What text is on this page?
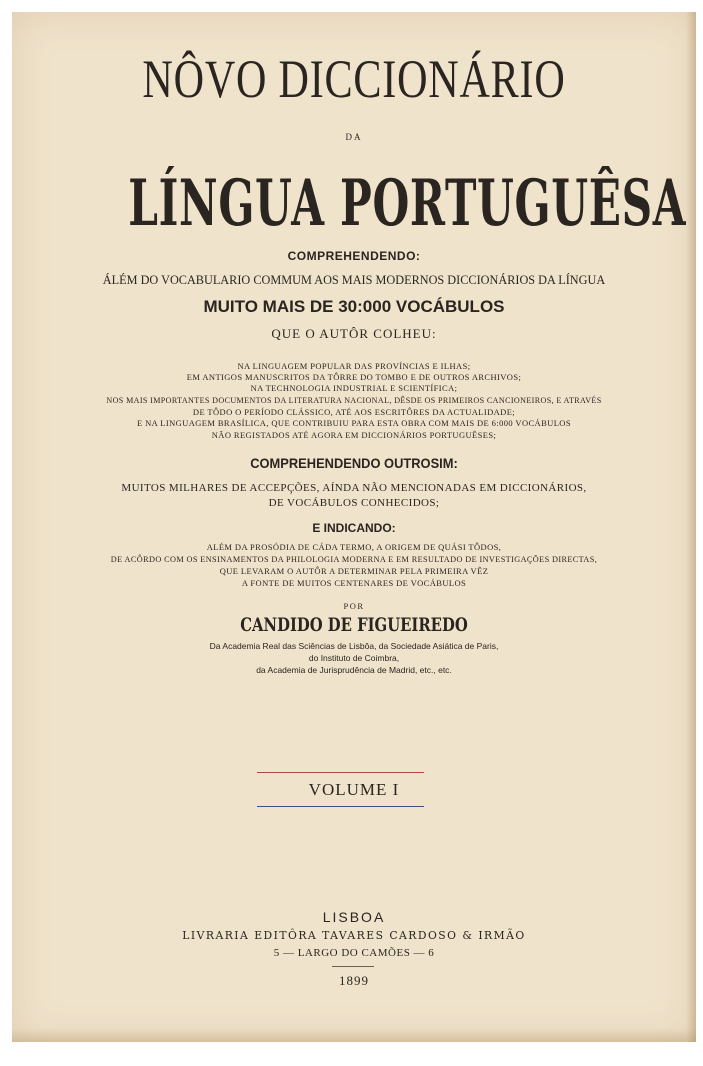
NÔVO DICCIONÁRIO
DA
LÍNGUA PORTUGUÊSA
COMPREHENDENDO:
ÁLÉM DO VOCABULARIO COMMUM AOS MAIS MODERNOS DICCIONÁRIOS DA LÍNGUA
MUITO MAIS DE 30:000 VOCÁBULOS
QUE O AUTÔR COLHEU:
NA LINGUAGEM POPULAR DAS PROVÍNCIAS E ILHAS;
EM ANTIGOS MANUSCRITOS DA TÔRRE DO TOMBO E DE OUTROS ARCHIVOS;
NA TECHNOLOGIA INDUSTRIAL E SCIENTÍFICA;
NOS MAIS IMPORTANTES DOCUMENTOS DA LITERATURA NACIONAL, DÊSDE OS PRIMEIROS CANCIONEIROS, E ATRAVÉS
DE TÔDO O PERÍODO CLÁSSICO, ATÉ AOS ESCRITÔRES DA ACTUALIDADE;
E NA LINGUAGEM BRASÍLICA, QUE CONTRIBUIU PARA ESTA OBRA COM MAIS DE 6:000 VOCÁBULOS
NÃO REGISTADOS ATÉ AGORA EM DICCIONÁRIOS PORTUGUÊSES;
COMPREHENDENDO OUTROSIM:
MUITOS MILHARES DE ACCEPÇÕES, AÍNDA NÃO MENCIONADAS EM DICCIONÁRIOS,
DE VOCÁBULOS CONHECIDOS;
E INDICANDO:
ALÉM DA PROSÓDIA DE CÁDA TERMO, A ORIGEM DE QUÁSI TÔDOS,
DE ACÔRDO COM OS ENSINAMENTOS DA PHILOLOGIA MODERNA E EM RESULTADO DE INVESTIGAÇÕES DIRECTAS,
QUE LEVARAM O AUTÔR A DETERMINAR PELA PRIMEIRA VÊZ
A FONTE DE MUITOS CENTENARES DE VOCÁBULOS
POR
CANDIDO DE FIGUEIREDO
Da Academia Real das Sciências de Lisbôa, da Sociedade Asiática de Paris,
do Instituto de Coimbra,
da Academia de Jurisprudência de Madrid, etc., etc.
VOLUME I
LISBOA
LIVRARIA EDITÔRA TAVARES CARDOSO & IRMÃO
5 — LARGO DO CAMÕES — 6
1899
